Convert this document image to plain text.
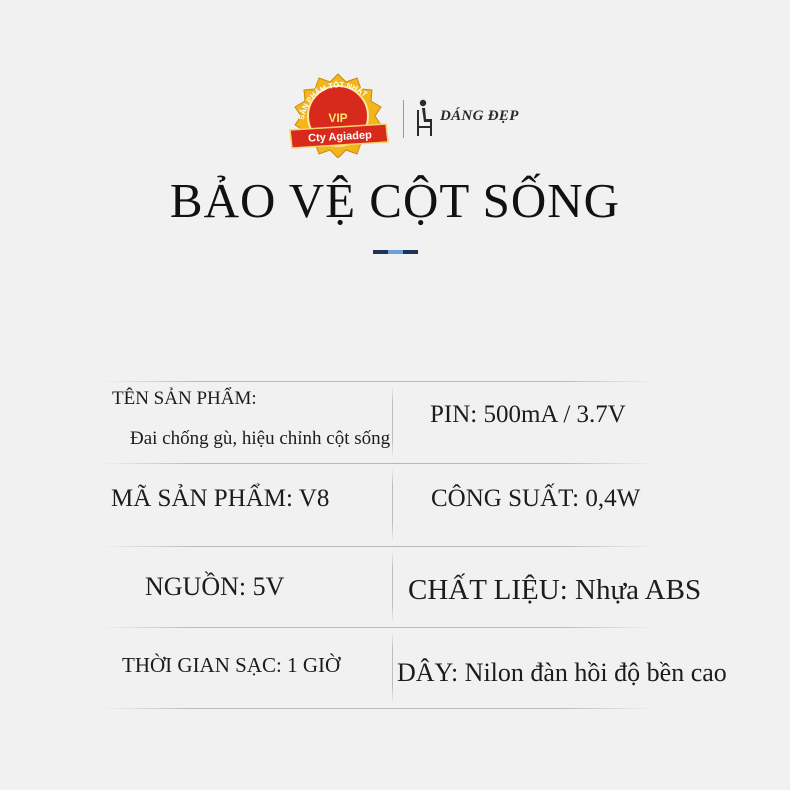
SẢN PHẨM TỐT NHẤT
VIP
Cty Agiadep
DÁNG ĐẸP
BẢO VỆ CỘT SỐNG
TÊN SẢN PHẨM:
Đai chống gù, hiệu chỉnh cột sống
PIN: 500mA / 3.7V
MÃ SẢN PHẨM: V8	CÔNG SUẤT: 0,4W
NGUỒN: 5V	CHẤT LIỆU: Nhựa ABS
THỜI GIAN SẠC: 1 GIỜ DÂY: Nilon đàn hồi độ bền cao
